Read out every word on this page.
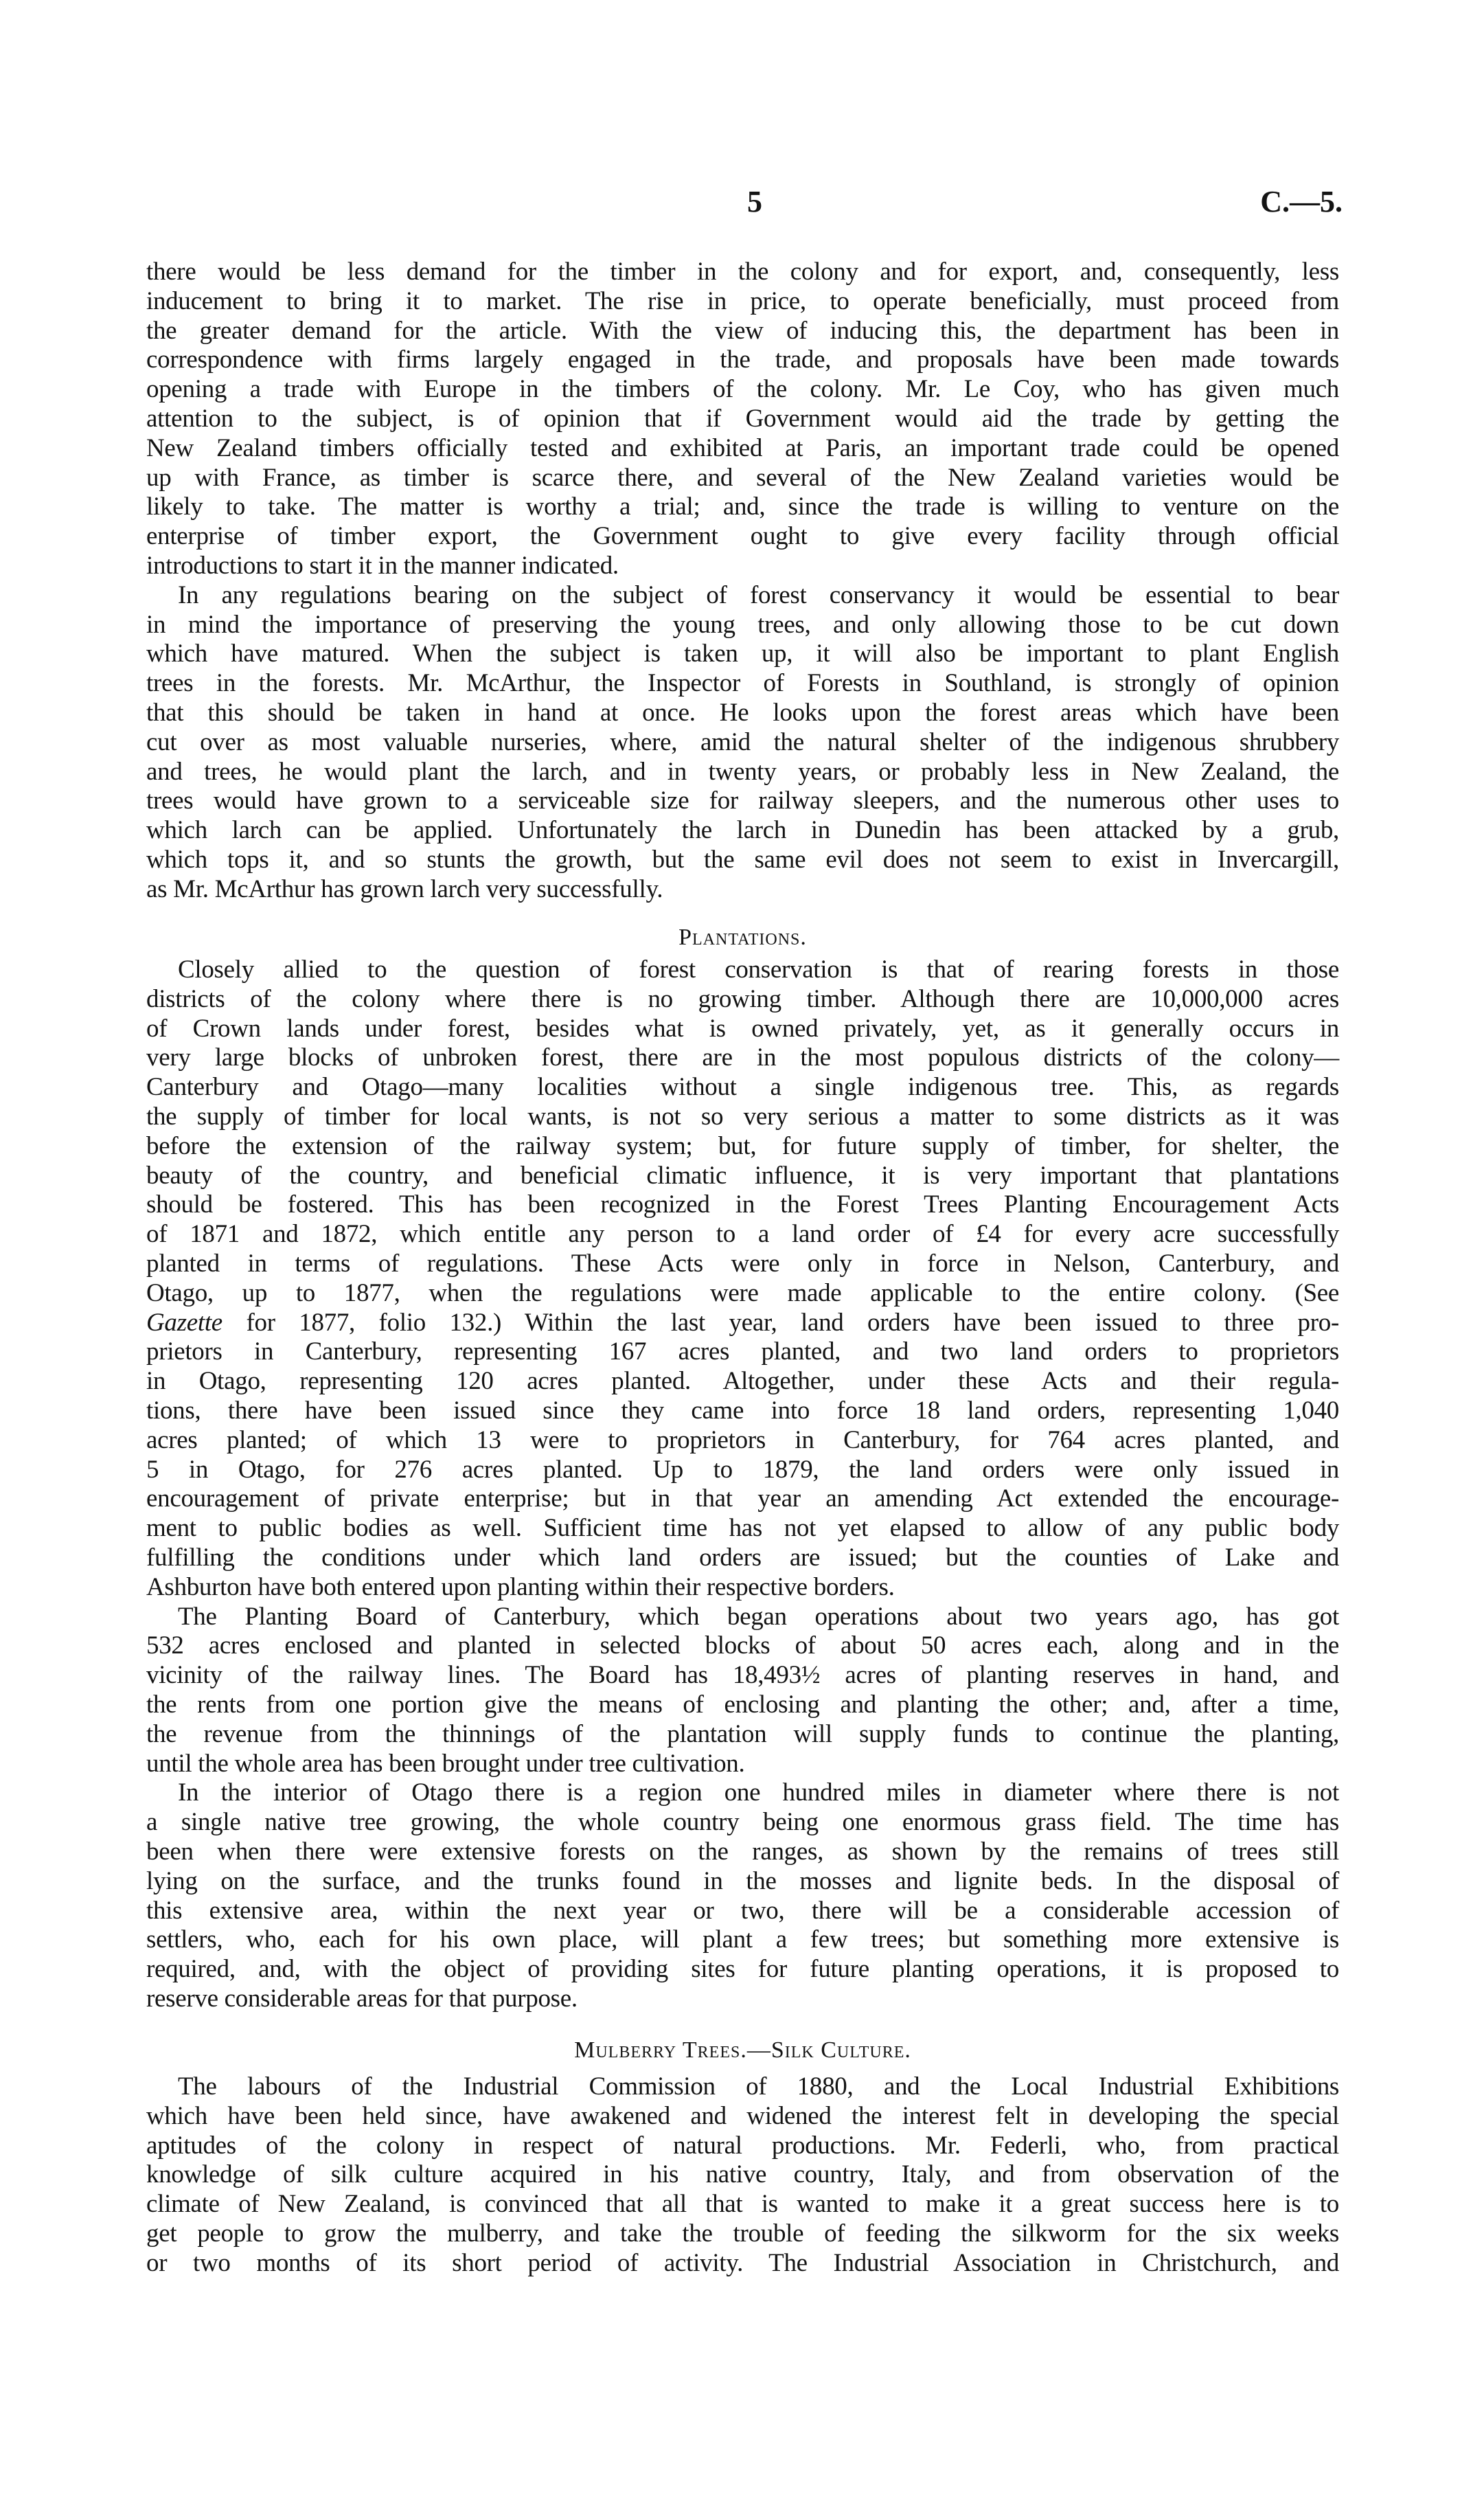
5	C.—5.
there would be less demand for the timber in the colony and for export, and, consequently, less
inducement to bring it to market. The rise in price, to operate beneficially, must proceed from
the greater demand for the article. With the view of inducing this, the department has been in
correspondence with firms largely engaged in the trade, and proposals have been made towards
opening a trade with Europe in the timbers of the colony. Mr. Le Coy, who has given much
attention to the subject, is of opinion that if Government would aid the trade by getting the
New Zealand timbers officially tested and exhibited at Paris, an important trade could be opened
up with France, as timber is scarce there, and several of the New Zealand varieties would be
likely to take. The matter is worthy a trial; and, since the trade is willing to venture on the
enterprise of timber export, the Government ought to give every facility through official
introductions to start it in the manner indicated.
In any regulations bearing on the subject of forest conservancy it would be essential to bear
in mind the importance of preserving the young trees, and only allowing those to be cut down
which have matured. When the subject is taken up, it will also be important to plant English
trees in the forests. Mr. McArthur, the Inspector of Forests in Southland, is strongly of opinion
that this should be taken in hand at once. He looks upon the forest areas which have been
cut over as most valuable nurseries, where, amid the natural shelter of the indigenous shrubbery
and trees, he would plant the larch, and in twenty years, or probably less in New Zealand, the
trees would have grown to a serviceable size for railway sleepers, and the numerous other uses to
which larch can be applied. Unfortunately the larch in Dunedin has been attacked by a grub,
which tops it, and so stunts the growth, but the same evil does not seem to exist in Invercargill,
as Mr. McArthur has grown larch very successfully.
Plantations.
Closely allied to the question of forest conservation is that of rearing forests in those
districts of the colony where there is no growing timber. Although there are 10,000,000 acres
of Crown lands under forest, besides what is owned privately, yet, as it generally occurs in
very large blocks of unbroken forest, there are in the most populous districts of the colony—
Canterbury and Otago—many localities without a single indigenous tree. This, as regards
the supply of timber for local wants, is not so very serious a matter to some districts as it was
before the extension of the railway system; but, for future supply of timber, for shelter, the
beauty of the country, and beneficial climatic influence, it is very important that plantations
should be fostered. This has been recognized in the Forest Trees Planting Encouragement Acts
of 1871 and 1872, which entitle any person to a land order of £4 for every acre successfully
planted in terms of regulations. These Acts were only in force in Nelson, Canterbury, and
Otago, up to 1877, when the regulations were made applicable to the entire colony. (See
Gazette for 1877, folio 132.) Within the last year, land orders have been issued to three pro-
prietors in Canterbury, representing 167 acres planted, and two land orders to proprietors
in Otago, representing 120 acres planted. Altogether, under these Acts and their regula-
tions, there have been issued since they came into force 18 land orders, representing 1,040
acres planted; of which 13 were to proprietors in Canterbury, for 764 acres planted, and
5 in Otago, for 276 acres planted. Up to 1879, the land orders were only issued in
encouragement of private enterprise; but in that year an amending Act extended the encourage-
ment to public bodies as well. Sufficient time has not yet elapsed to allow of any public body
fulfilling the conditions under which land orders are issued; but the counties of Lake and
Ashburton have both entered upon planting within their respective borders.
The Planting Board of Canterbury, which began operations about two years ago, has got
532 acres enclosed and planted in selected blocks of about 50 acres each, along and in the
vicinity of the railway lines. The Board has 18,493½ acres of planting reserves in hand, and
the rents from one portion give the means of enclosing and planting the other; and, after a time,
the revenue from the thinnings of the plantation will supply funds to continue the planting,
until the whole area has been brought under tree cultivation.
In the interior of Otago there is a region one hundred miles in diameter where there is not
a single native tree growing, the whole country being one enormous grass field. The time has
been when there were extensive forests on the ranges, as shown by the remains of trees still
lying on the surface, and the trunks found in the mosses and lignite beds. In the disposal of
this extensive area, within the next year or two, there will be a considerable accession of
settlers, who, each for his own place, will plant a few trees; but something more extensive is
required, and, with the object of providing sites for future planting operations, it is proposed to
reserve considerable areas for that purpose.
Mulberry Trees.—Silk Culture.
The labours of the Industrial Commission of 1880, and the Local Industrial Exhibitions
which have been held since, have awakened and widened the interest felt in developing the special
aptitudes of the colony in respect of natural productions. Mr. Federli, who, from practical
knowledge of silk culture acquired in his native country, Italy, and from observation of the
climate of New Zealand, is convinced that all that is wanted to make it a great success here is to
get people to grow the mulberry, and take the trouble of feeding the silkworm for the six weeks
or two months of its short period of activity. The Industrial Association in Christchurch, and
